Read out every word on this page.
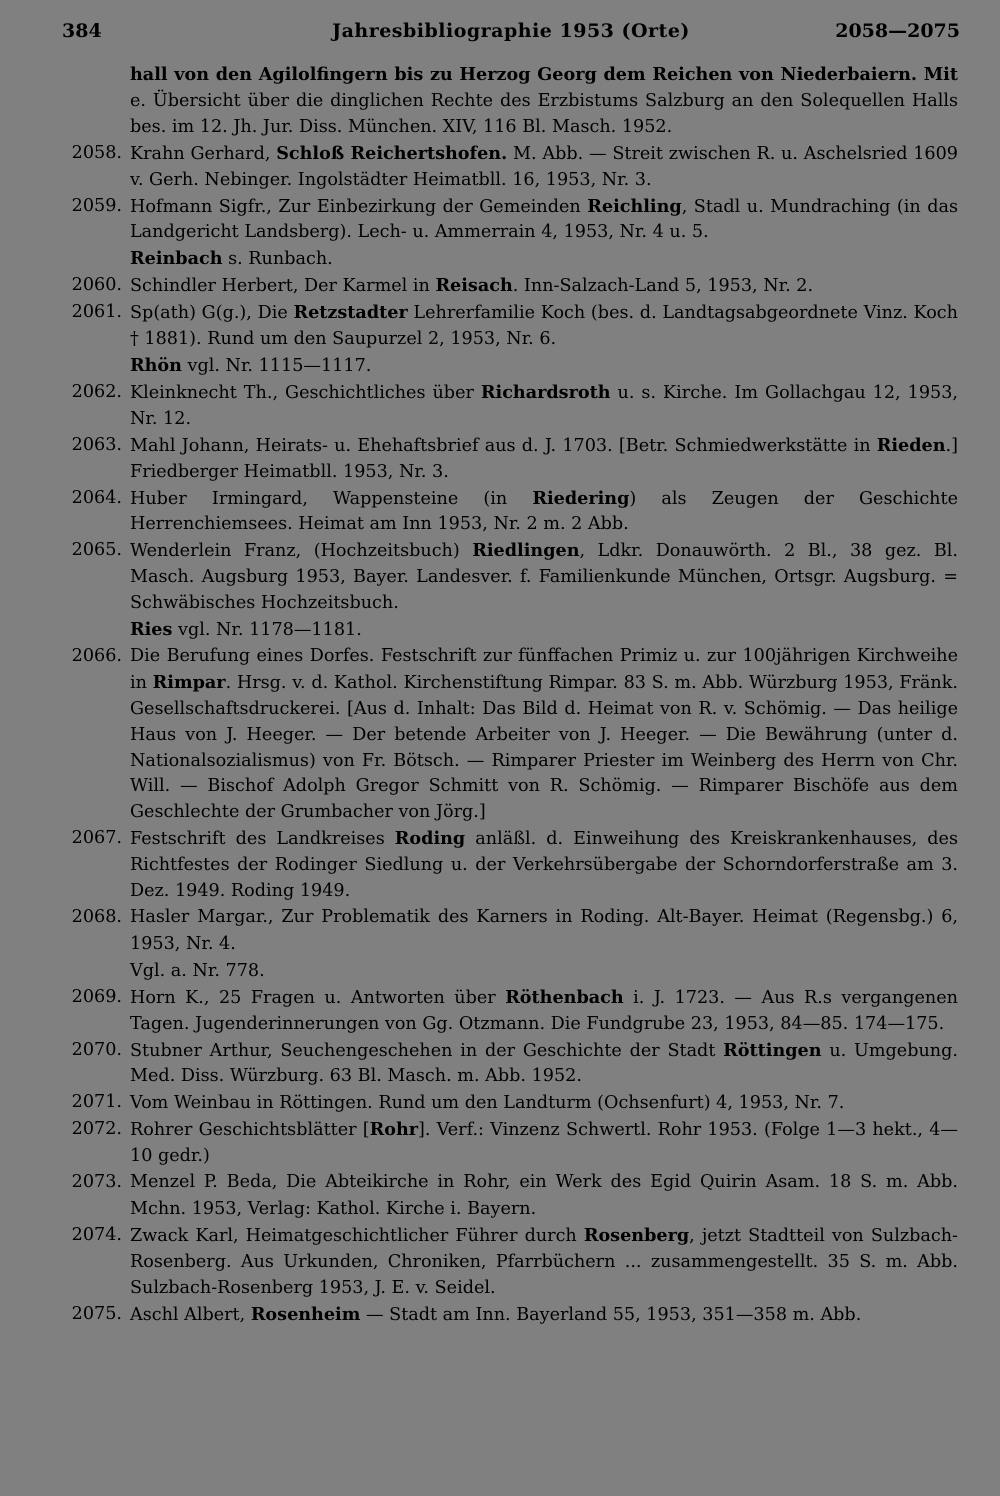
384	Jahresbibliographie 1953 (Orte)	2058—2075
hall von den Agilolfingern bis zu Herzog Georg dem Reichen von Niederbaiern. Mit e. Übersicht über die dinglichen Rechte des Erzbistums Salzburg an den Solequellen Halls bes. im 12. Jh. Jur. Diss. München. XIV, 116 Bl. Masch. 1952.
2058. Krahn Gerhard, Schloß Reichertshofen. M. Abb. — Streit zwischen R. u. Aschelsried 1609 v. Gerh. Nebinger. Ingolstädter Heimatbll. 16, 1953, Nr. 3.
2059. Hofmann Sigfr., Zur Einbezirkung der Gemeinden Reichling, Stadl u. Mundraching (in das Landgericht Landsberg). Lech- u. Ammerrain 4, 1953, Nr. 4 u. 5.
Reinbach s. Runbach.
2060. Schindler Herbert, Der Karmel in Reisach. Inn-Salzach-Land 5, 1953, Nr. 2.
2061. Sp(ath) G(g.), Die Retzstadter Lehrerfamilie Koch (bes. d. Landtagsabgeordnete Vinz. Koch † 1881). Rund um den Saupurzel 2, 1953, Nr. 6.
Rhön vgl. Nr. 1115—1117.
2062. Kleinknecht Th., Geschichtliches über Richardsroth u. s. Kirche. Im Gollachgau 12, 1953, Nr. 12.
2063. Mahl Johann, Heirats- u. Ehehaftsbrief aus d. J. 1703. [Betr. Schmiedwerkstätte in Rieden.] Friedberger Heimatbll. 1953, Nr. 3.
2064. Huber Irmingard, Wappensteine (in Riedering) als Zeugen der Geschichte Herrenchiemsees. Heimat am Inn 1953, Nr. 2 m. 2 Abb.
2065. Wenderlein Franz, (Hochzeitsbuch) Riedlingen, Ldkr. Donauwörth. 2 Bl., 38 gez. Bl. Masch. Augsburg 1953, Bayer. Landesver. f. Familienkunde München, Ortsgr. Augsburg. = Schwäbisches Hochzeitsbuch.
Ries vgl. Nr. 1178—1181.
2066. Die Berufung eines Dorfes. Festschrift zur fünffachen Primiz u. zur 100jährigen Kirchweihe in Rimpar. Hrsg. v. d. Kathol. Kirchenstiftung Rimpar. 83 S. m. Abb. Würzburg 1953, Fränk. Gesellschaftsdruckerei. [Aus d. Inhalt: Das Bild d. Heimat von R. v. Schömig. — Das heilige Haus von J. Heeger. — Der betende Arbeiter von J. Heeger. — Die Bewährung (unter d. Nationalsozialismus) von Fr. Bötsch. — Rimparer Priester im Weinberg des Herrn von Chr. Will. — Bischof Adolph Gregor Schmitt von R. Schömig. — Rimparer Bischöfe aus dem Geschlechte der Grumbacher von Jörg.]
2067. Festschrift des Landkreises Roding anläßl. d. Einweihung des Kreiskrankenhauses, des Richtfestes der Rodinger Siedlung u. der Verkehrsübergabe der Schorndorferstraße am 3. Dez. 1949. Roding 1949.
2068. Hasler Margar., Zur Problematik des Karners in Roding. Alt-Bayer. Heimat (Regensbg.) 6, 1953, Nr. 4.
Vgl. a. Nr. 778.
2069. Horn K., 25 Fragen u. Antworten über Röthenbach i. J. 1723. — Aus R.s vergangenen Tagen. Jugenderinnerungen von Gg. Otzmann. Die Fundgrube 23, 1953, 84—85. 174—175.
2070. Stubner Arthur, Seuchengeschehen in der Geschichte der Stadt Röttingen u. Umgebung. Med. Diss. Würzburg. 63 Bl. Masch. m. Abb. 1952.
2071. Vom Weinbau in Röttingen. Rund um den Landturm (Ochsenfurt) 4, 1953, Nr. 7.
2072. Rohrer Geschichtsblätter [Rohr]. Verf.: Vinzenz Schwertl. Rohr 1953. (Folge 1—3 hekt., 4—10 gedr.)
2073. Menzel P. Beda, Die Abteikirche in Rohr, ein Werk des Egid Quirin Asam. 18 S. m. Abb. Mchn. 1953, Verlag: Kathol. Kirche i. Bayern.
2074. Zwack Karl, Heimatgeschichtlicher Führer durch Rosenberg, jetzt Stadtteil von Sulzbach-Rosenberg. Aus Urkunden, Chroniken, Pfarrbüchern ... zusammengestellt. 35 S. m. Abb. Sulzbach-Rosenberg 1953, J. E. v. Seidel.
2075. Aschl Albert, Rosenheim — Stadt am Inn. Bayerland 55, 1953, 351—358 m. Abb.
